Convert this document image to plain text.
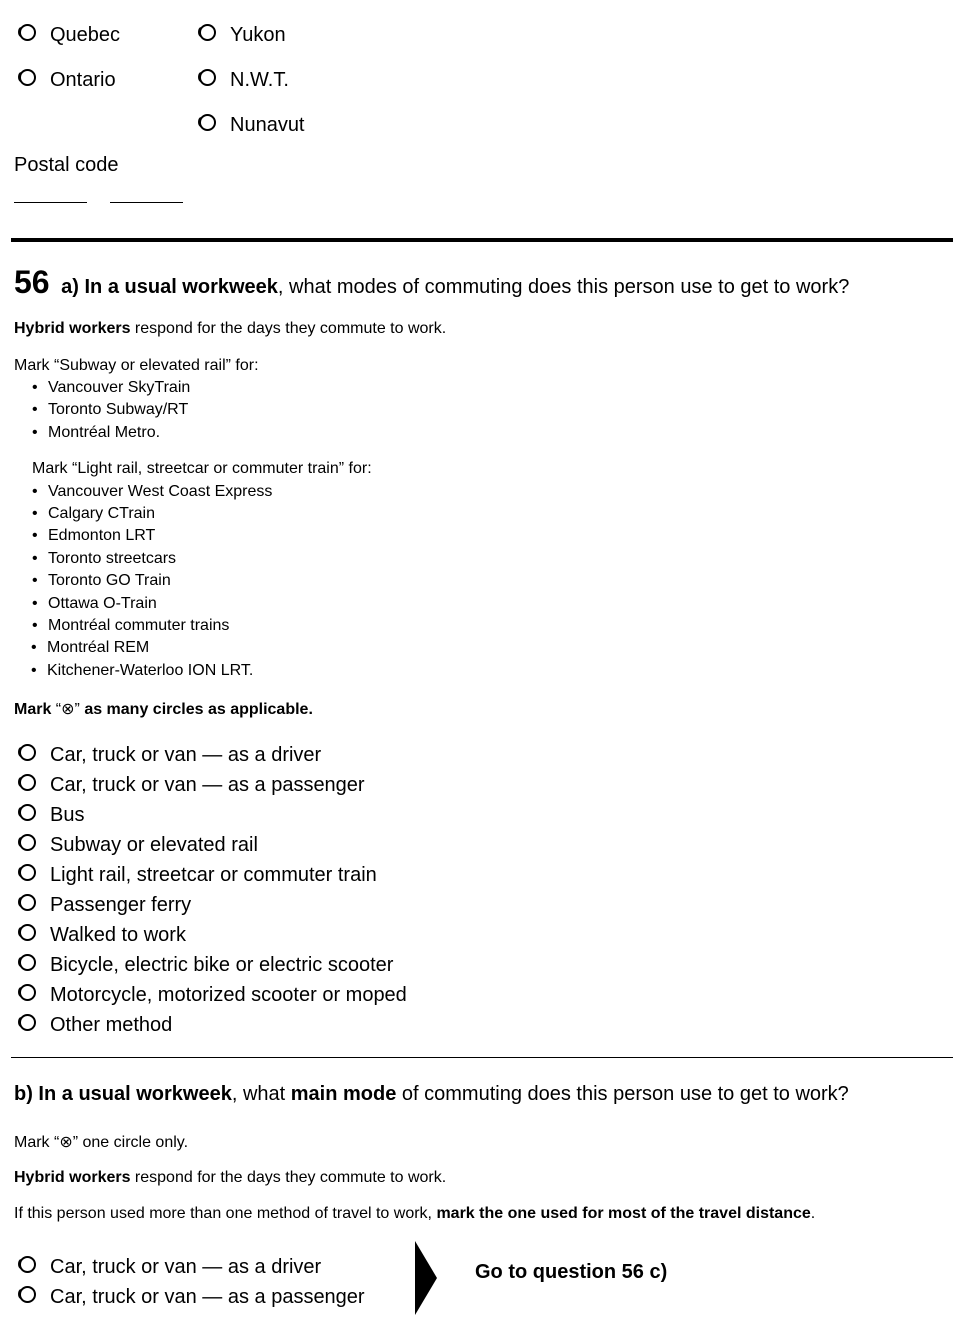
Quebec
Ontario
Yukon
N.W.T.
Nunavut
Postal code
56 a) In a usual workweek, what modes of commuting does this person use to get to work?
Hybrid workers respond for the days they commute to work.
Mark “Subway or elevated rail” for:
• Vancouver SkyTrain
• Toronto Subway/RT
• Montréal Metro.
Mark “Light rail, streetcar or commuter train” for:
• Vancouver West Coast Express
• Calgary CTrain
• Edmonton LRT
• Toronto streetcars
• Toronto GO Train
• Ottawa O-Train
• Montréal commuter trains
• Montréal REM
• Kitchener-Waterloo ION LRT.
Mark “⊗” as many circles as applicable.
Car, truck or van — as a driver
Car, truck or van — as a passenger
Bus
Subway or elevated rail
Light rail, streetcar or commuter train
Passenger ferry
Walked to work
Bicycle, electric bike or electric scooter
Motorcycle, motorized scooter or moped
Other method
b) In a usual workweek, what main mode of commuting does this person use to get to work?
Mark “⊗” one circle only.
Hybrid workers respond for the days they commute to work.
If this person used more than one method of travel to work, mark the one used for most of the travel distance.
Car, truck or van — as a driver
Car, truck or van — as a passenger
Go to question 56 c)
